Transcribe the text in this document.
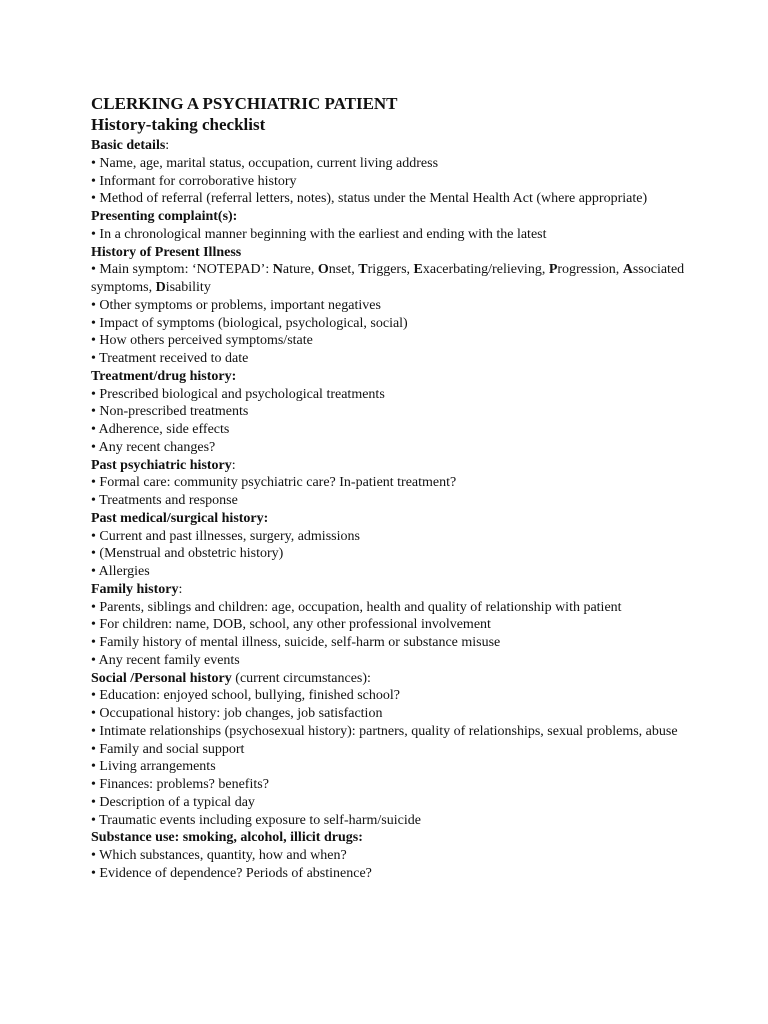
CLERKING A PSYCHIATRIC PATIENT

History-taking checklist

Basic details:

• Name, age, marital status, occupation, current living address

• Informant for corroborative history

• Method of referral (referral letters, notes), status under the Mental Health Act (where appropriate)

Presenting complaint(s):

• In a chronological manner beginning with the earliest and ending with the latest

History of Present Illness

• Main symptom: ‘NOTEPAD’: Nature, Onset, Triggers, Exacerbating/relieving, Progression, Associated symptoms, Disability

• Other symptoms or problems, important negatives

• Impact of symptoms (biological, psychological, social)

• How others perceived symptoms/state

• Treatment received to date

Treatment/drug history:

• Prescribed biological and psychological treatments

• Non-prescribed treatments

• Adherence, side effects

• Any recent changes?

Past psychiatric history:

• Formal care: community psychiatric care? In-patient treatment?

• Treatments and response

Past medical/surgical history:

• Current and past illnesses, surgery, admissions

• (Menstrual and obstetric history)

• Allergies

Family history:

• Parents, siblings and children: age, occupation, health and quality of relationship with patient

• For children: name, DOB, school, any other professional involvement

• Family history of mental illness, suicide, self-harm or substance misuse

• Any recent family events

Social /Personal history (current circumstances):

• Education: enjoyed school, bullying, finished school?

• Occupational history: job changes, job satisfaction

• Intimate relationships (psychosexual history): partners, quality of relationships, sexual problems, abuse

• Family and social support

• Living arrangements

• Finances: problems? benefits?

• Description of a typical day

• Traumatic events including exposure to self-harm/suicide

Substance use: smoking, alcohol, illicit drugs:

• Which substances, quantity, how and when?

• Evidence of dependence? Periods of abstinence?
